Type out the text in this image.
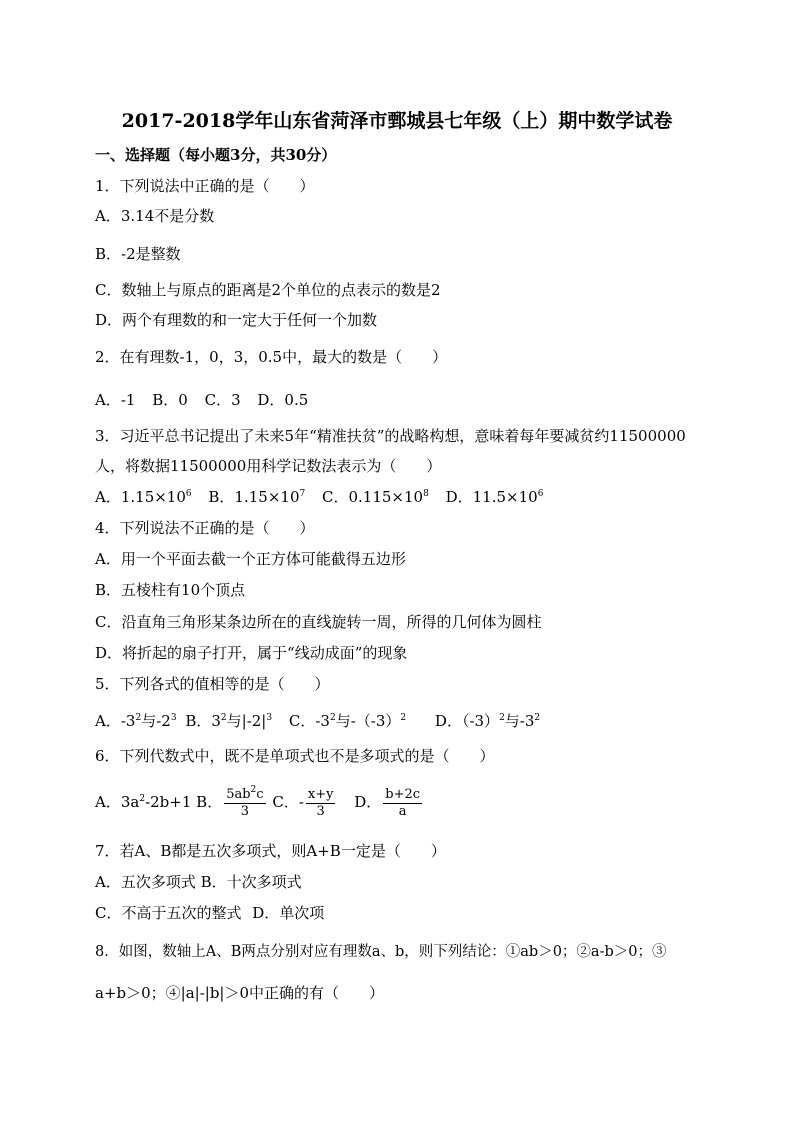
2017-2018学年山东省菏泽市鄄城县七年级（上）期中数学试卷
一、选择题（每小题3分，共30分）
1．下列说法中正确的是（　　）
A．3.14不是分数
B．-2是整数
C．数轴上与原点的距离是2个单位的点表示的数是2
D．两个有理数的和一定大于任何一个加数
2．在有理数-1，0，3，0.5中，最大的数是（　　）
A．-1 B．0 C．3 D．0.5
3．习近平总书记提出了未来5年“精准扶贫”的战略构想，意味着每年要减贫约11500000
人，将数据11500000用科学记数法表示为（　　）
A．$1.15\times 10^6$ B．$1.15\times 10^7$ C．$0.115\times 10^8$ D．$11.5\times 10^6$
4．下列说法不正确的是（　　）
A．用一个平面去截一个正方体可能截得五边形
B．五棱柱有10个顶点
C．沿直角三角形某条边所在的直线旋转一周，所得的几何体为圆柱
D．将折起的扇子打开，属于“线动成面”的现象
5．下列各式的值相等的是（　　）
A．$-3^2$与$-2^3$ B．$3^2$与$|-2|^3$ C．$-3^2$与$-(-3)^2$ D．$(-3)^2$与$-3^2$
6．下列代数式中，既不是单项式也不是多项式的是（　　）
A．$3a^2-2b+1$ B． $\frac{5ab^2c}{3}$ C．- $\frac{x+y}{3}$ D． $\frac{b+2c}{a}$
7．若A、B都是五次多项式，则A+B一定是（　　）
A．五次多项式 B．十次多项式
C．不高于五次的整式 D．单次项
8．如图，数轴上A、B两点分别对应有理数a、b，则下列结论：①ab＞0；②a-b＞0；③
a+b＞0；④|a|-|b|＞0中正确的有（　　）
